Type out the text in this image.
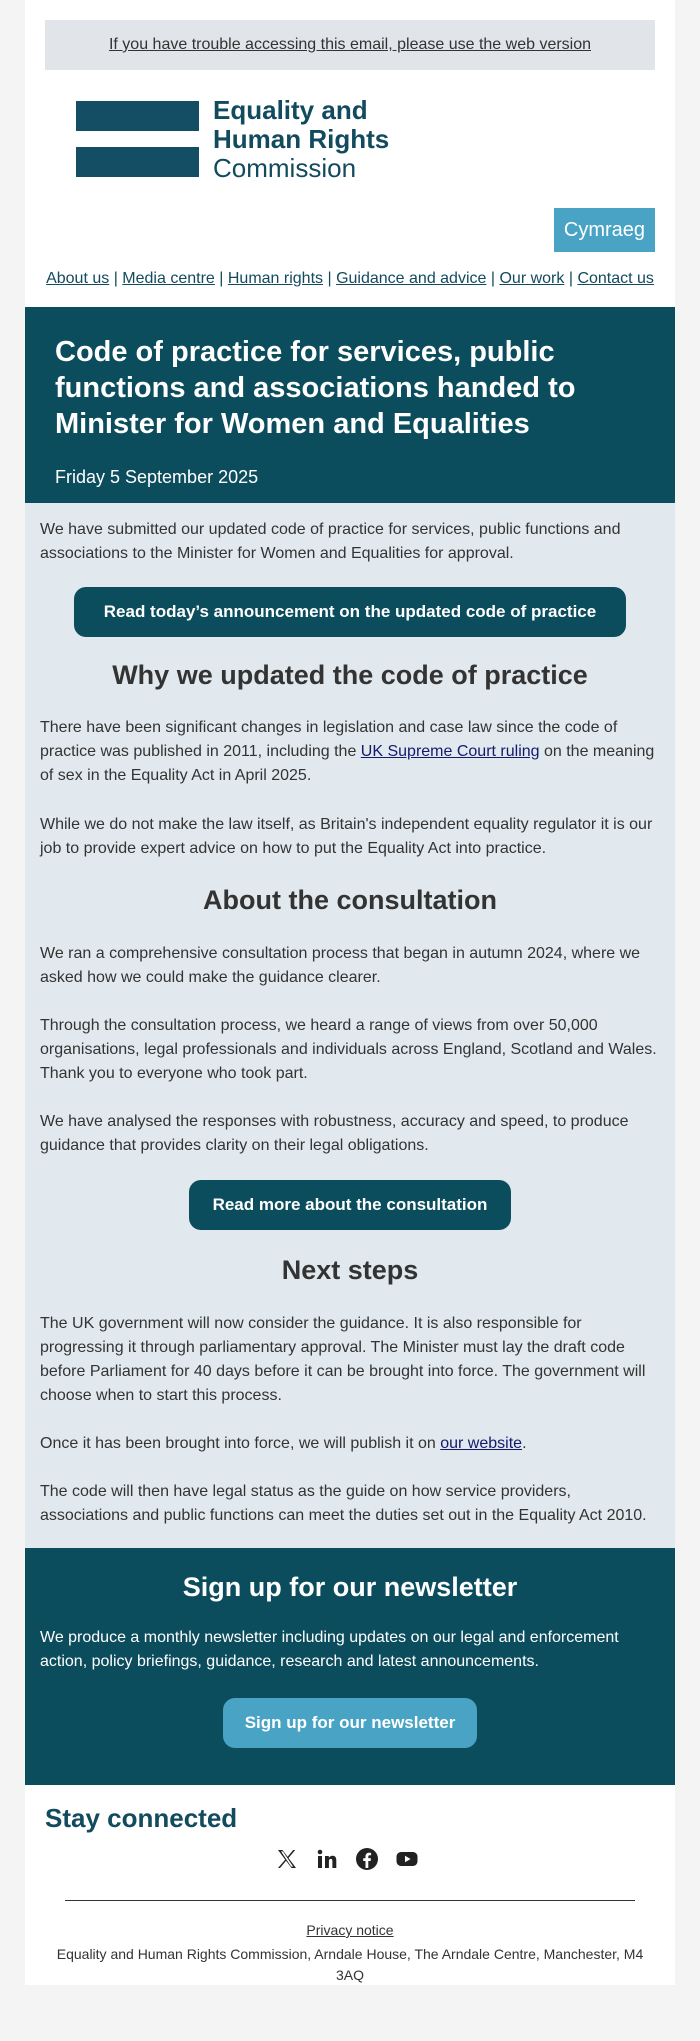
If you have trouble accessing this email, please use the web version
Equality and
Human Rights
Commission
Cymraeg
About us | Media centre | Human rights | Guidance and advice | Our work | Contact us
Code of practice for services, public functions and associations handed to Minister for Women and Equalities
Friday 5 September 2025

We have submitted our updated code of practice for services, public functions and associations to the Minister for Women and Equalities for approval.

Read today’s announcement on the updated code of practice
Why we updated the code of practice

There have been significant changes in legislation and case law since the code of practice was published in 2011, including the UK Supreme Court ruling on the meaning of sex in the Equality Act in April 2025.

While we do not make the law itself, as Britain's independent equality regulator it is our job to provide expert advice on how to put the Equality Act into practice.

About the consultation

We ran a comprehensive consultation process that began in autumn 2024, where we asked how we could make the guidance clearer.

Through the consultation process, we heard a range of views from over 50,000 organisations, legal professionals and individuals across England, Scotland and Wales. Thank you to everyone who took part.

We have analysed the responses with robustness, accuracy and speed, to produce guidance that provides clarity on their legal obligations.

Read more about the consultation
Next steps

The UK government will now consider the guidance. It is also responsible for progressing it through parliamentary approval. The Minister must lay the draft code before Parliament for 40 days before it can be brought into force. The government will choose when to start this process.

Once it has been brought into force, we will publish it on our website.

The code will then have legal status as the guide on how service providers, associations and public functions can meet the duties set out in the Equality Act 2010.

Sign up for our newsletter

We produce a monthly newsletter including updates on our legal and enforcement action, policy briefings, guidance, research and latest announcements.

Sign up for our newsletter
Stay connected
Privacy notice
Equality and Human Rights Commission, Arndale House, The Arndale Centre, Manchester, M4 3AQ
